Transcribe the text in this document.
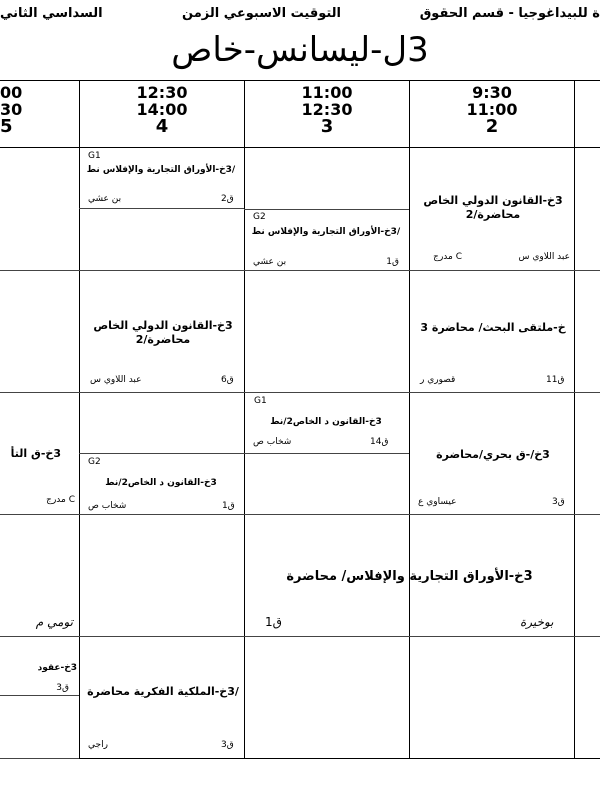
ة للبيداغوجيا - قسم الحقوق
التوقيت الاسبوعي الزمن
السداسي الثاني
3ل-ليسانس-خاص
9:30
11:00
2
11:00
12:30
3
12:30
14:00
4
00
30
5
3خ-القانون الدولي الخاص محاضرة/2
مدرج C	عبد اللاوي س
G2
/3خ-الأوراق التجارية والإفلاس نط
ق1
بن عشي
G1
/3خ-الأوراق التجارية والإفلاس نط
ق2
بن عشي
خ-ملتقى البحث/ محاضرة 3
ق11
قصوري ر
3خ-القانون الدولي الخاص محاضرة/2
ق6
عبد اللاوي س
3خ/-ق بحري/محاضرة
ق3
عيساوي ع
G1
3خ-القانون د الخاص2/نط
ق14
شخاب ص
G2
3خ-القانون د الخاص2/نط
ق1
شخاب ص
3خ-ق التأ
مدرج C
3خ-الأوراق التجارية والإفلاس/ محاضرة
ق1	بوخيرة
تومي م
/3خ-الملكية الفكرية محاضرة
ق3
راجي
3خ-عقود
ق3
